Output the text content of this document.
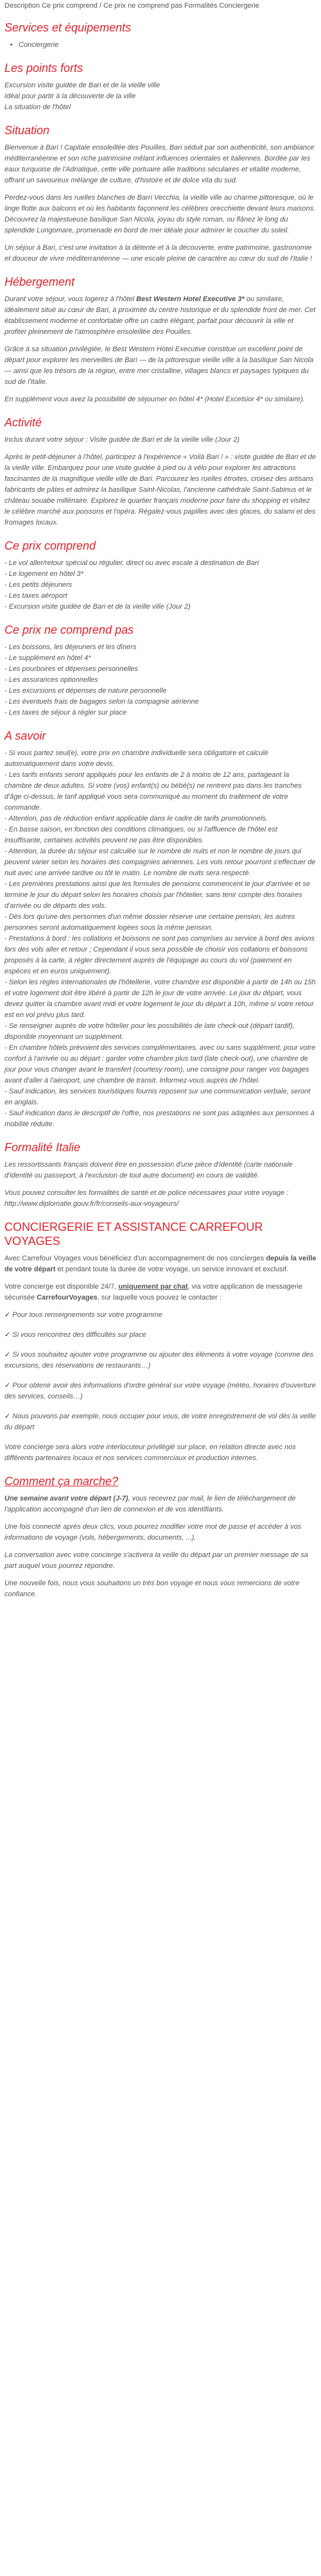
Description Ce prix comprend / Ce prix ne comprend pas Formalités Conciergerie
Services et équipements
• Conciergerie
Les points forts
Excursion visite guidée de Bari et de la vieille ville
Idéal pour partir à la découverte de la ville
La situation de l'hôtel
Situation

Bienvenue à Bari ! Capitale ensoleillée des Pouilles, Bari séduit par son authenticité, son ambiance méditerranéenne et son riche patrimoine mêlant influences orientales et italiennes. Bordée par les eaux turquoise de l'Adriatique, cette ville portuaire allie traditions séculaires et vitalité moderne, offrant un savoureux mélange de culture, d'histoire et de dolce vita du sud.

Perdez-vous dans les ruelles blanches de Barri Vecchia, la vieille ville au charme pittoresque, où le linge flotte aux balcons et où les habitants façonnent les célèbres orecchiette devant leurs maisons. Découvrez la majestueuse basilique San Nicola, joyau du style roman, ou flânez le long du splendide Lungomare, promenade en bord de mer idéale pour admirer le coucher du soleil.

Un séjour à Bari, c'est une invitation à la détente et à la découverte, entre patrimoine, gastronomie et douceur de vivre méditerranéenne — une escale pleine de caractère au cœur du sud de l'Italie !

Hébergement

Durant votre séjour, vous logerez à l'hôtel Best Western Hotel Executive 3* ou similaire, idéalement situé au cœur de Bari, à proximité du centre historique et du splendide front de mer. Cet établissement moderne et confortable offre un cadre élégant, parfait pour découvrir la ville et profiter pleinement de l'atmosphère ensoleillée des Pouilles.

Grâce à sa situation privilégiée, le Best Western Hotel Executive constitue un excellent point de départ pour explorer les merveilles de Bari — de la pittoresque vieille ville à la basilique San Nicola — ainsi que les trésors de la région, entre mer cristalline, villages blancs et paysages typiques du sud de l'Italie.

En supplément vous avez la possibilité de séjourner en hôtel 4* (Hotel Excelsior 4* ou similaire).

Activité

Inclus durant votre séjour : Visite guidée de Bari et de la vieille ville (Jour 2)

Après le petit-déjeuner à l'hôtel, participez à l'expérience « Voilà Bari ! » : visite guidée de Bari et de la vieille ville. Embarquez pour une visite guidée à pied ou à vélo pour explorer les attractions fascinantes de la magnifique vieille ville de Bari. Parcourez les ruelles étroites, croisez des artisans fabricants de pâtes et admirez la basilique Saint-Nicolas, l'ancienne cathédrale Saint-Sabinus et le château souabe millénaire. Explorez le quartier français moderne pour faire du shopping et visitez le célèbre marché aux poissons et l'opéra. Régalez-vous papilles avec des glaces, du salami et des fromages locaux.

Ce prix comprend
- Le vol aller/retour spécial ou régulier, direct ou avec escale à destination de Bari
- Le logement en hôtel 3*
- Les petits déjeuners
- Les taxes aéroport
- Excursion visite guidée de Bari et de la vieille ville (Jour 2)
Ce prix ne comprend pas
- Les boissons, les déjeuners et les dîners
- Le supplément en hôtel 4*
- Les pourboires et dépenses personnelles
- Les assurances optionnelles
- Les excursions et dépenses de nature personnelle
- Les éventuels frais de bagages selon la compagnie aérienne
- Les taxes de séjour à régler sur place
A savoir
- Si vous partez seul(e), votre prix en chambre individuelle sera obligatoire et calculé automatiquement dans votre devis.
- Les tarifs enfants seront appliqués pour les enfants de 2 à moins de 12 ans, partageant la chambre de deux adultes. Si votre (vos) enfant(s) ou bébé(s) ne rentrent pas dans les tranches d'âge ci-dessus, le tarif appliqué vous sera communiqué au moment du traitement de votre commande.
- Attention, pas de réduction enfant applicable dans le cadre de tarifs promotionnels.
- En basse saison, en fonction des conditions climatiques, ou si l'affluence de l'hôtel est insuffisante, certaines activités peuvent ne pas être disponibles.
- Attention, la durée du séjour est calculée sur le nombre de nuits et non le nombre de jours qui peuvent varier selon les horaires des compagnies aériennes. Les vols retour pourront s'effectuer de nuit avec une arrivée tardive ou tôt le matin. Le nombre de nuits sera respecté.
- Les premières prestations ainsi que les formules de pensions commencent le jour d'arrivée et se termine le jour du départ selon les horaires choisis par l'hôtelier, sans tenir compte des horaires d'arrivée ou de départs des vols.
- Dès lors qu'une des personnes d'un même dossier réserve une certaine pension, les autres personnes seront automatiquement logées sous la même pension.
- Prestations à bord : les collations et boissons ne sont pas comprises au service à bord des avions lors des vols aller et retour ; Cependant il vous sera possible de choisir vos collations et boissons proposés à la carte, à régler directement auprès de l'équipage au cours du vol (paiement en espèces et en euros uniquement).
- Selon les règles internationales de l'hôtellerie, votre chambre est disponible à partir de 14h ou 15h et votre logement doit être libéré à partir de 12h le jour de votre arrivée. Le jour du départ, vous devez quitter la chambre avant midi et votre logement le jour du départ à 10h, même si votre retour est en vol prévu plus tard.
- Se renseigner auprès de votre hôtelier pour les possibilités de late check-out (départ tardif), disponible moyennant un supplément.
- En chambre hôtels prévoient des services complémentaires, avec ou sans supplément, pour votre confort à l'arrivée ou au départ : garder votre chambre plus tard (late check-out), une chambre de jour pour vous changer avant le transfert (courtesy room), une consigne pour ranger vos bagages avant d'aller à l'aéroport, une chambre de transit. Informez-vous auprès de l'hôtel.
- Sauf indication, les services touristiques fournis reposent sur une communication verbale, seront en anglais.
- Sauf indication dans le descriptif de l'offre, nos prestations ne sont pas adaptées aux personnes à mobilité réduite.
Formalité Italie

Les ressortissants français doivent être en possession d'une pièce d'identité (carte nationale d'identité ou passeport, à l'exclusion de tout autre document) en cours de validité.

Vous pouvez consulter les formalités de santé et de police nécessaires pour votre voyage : http://www.diplomatie.gouv.fr/fr/conseils-aux-voyageurs/

CONCIERGERIE ET ASSISTANCE CARREFOUR VOYAGES

Avec Carrefour Voyages vous bénéficiez d'un accompagnement de nos concierges depuis la veille de votre départ et pendant toute la durée de votre voyage, un service innovant et exclusif.

Votre concierge est disponible 24/7, uniquement par chat, via votre application de messagerie sécurisée CarrefourVoyages, sur laquelle vous pouvez le contacter :

✓ Pour tous renseignements sur votre programme
✓ Si vous rencontrez des difficultés sur place
✓ Si vous souhaitez ajouter votre programme ou ajouter des éléments à votre voyage (comme des excursions, des réservations de restaurants…)
✓ Pour obtenir avoir des informations d'ordre général sur votre voyage (météo, horaires d'ouverture des services, conseils…)
✓ Nous pouvons par exemple, nous occuper pour vous, de votre enregistrement de vol dès la veille du départ

Votre concierge sera alors votre interlocuteur privilégié sur place, en relation directe avec nos différents partenaires locaux et nos services commerciaux et production internes.

Comment ça marche?

Une semaine avant votre départ (J-7), vous recevrez par mail, le lien de téléchargement de l'application accompagné d'un lien de connexion et de vos identifiants.

Une fois connecté après deux clics, vous pourrez modifier votre mot de passe et accéder à vos informations de voyage (vols, hébergements, documents, ...).

La conversation avec votre concierge s'activera la veille du départ par un premier message de sa part auquel vous pourrez répondre.

Une nouvelle fois, nous vous souhaitons un très bon voyage et nous vous remercions de votre confiance.
